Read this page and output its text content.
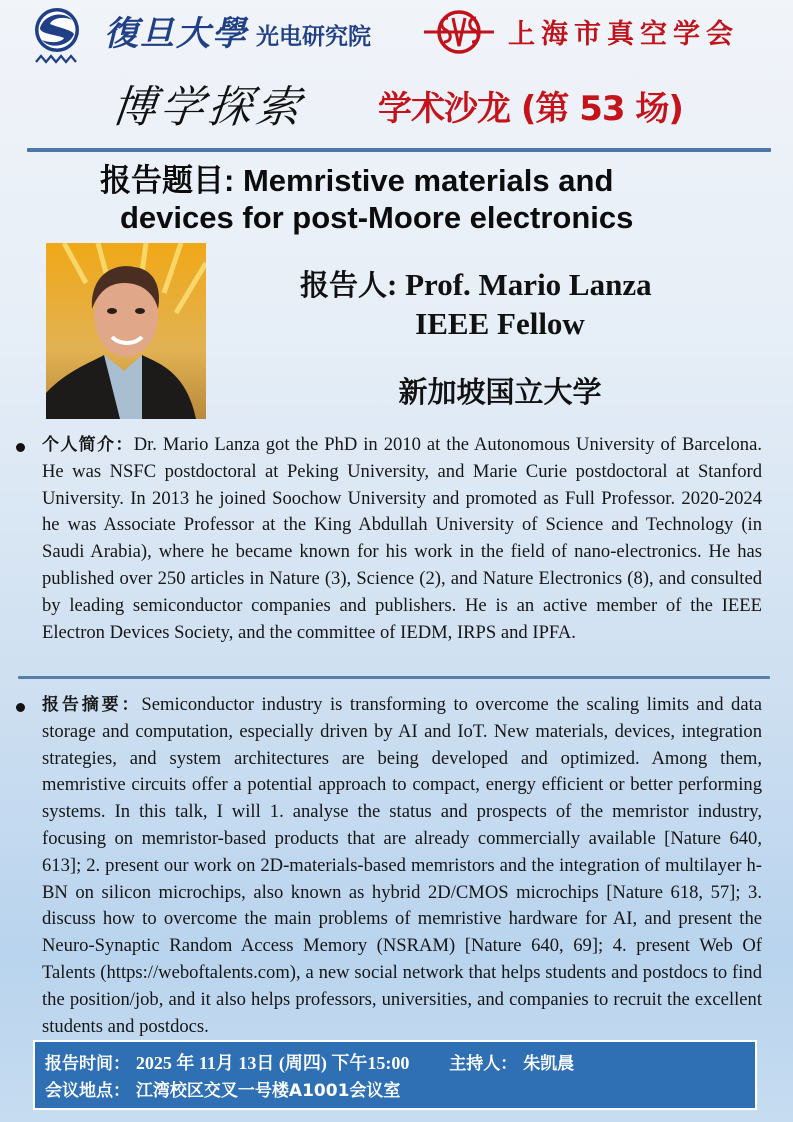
復旦大學 光电研究院	上海市真空学会
博学探索 学术沙龙 (第 53 场)
报告题目: Memristive materials and
devices for post-Moore electronics
报告人: Prof. Mario Lanza
IEEE Fellow
新加坡国立大学
个人简介：Dr. Mario Lanza got the PhD in 2010 at the Autonomous University of Barcelona. He was NSFC postdoctoral at Peking University, and Marie Curie postdoctoral at Stanford University. In 2013 he joined Soochow University and promoted as Full Professor. 2020-2024 he was Associate Professor at the King Abdullah University of Science and Technology (in Saudi Arabia), where he became known for his work in the field of nano-electronics. He has published over 250 articles in Nature (3), Science (2), and Nature Electronics (8), and consulted by leading semiconductor companies and publishers. He is an active member of the IEEE Electron Devices Society, and the committee of IEDM, IRPS and IPFA.
报告摘要：Semiconductor industry is transforming to overcome the scaling limits and data storage and computation, especially driven by AI and IoT. New materials, devices, integration strategies, and system architectures are being developed and optimized. Among them, memristive circuits offer a potential approach to compact, energy efficient or better performing systems. In this talk, I will 1. analyse the status and prospects of the memristor industry, focusing on memristor-based products that are already commercially available [Nature 640, 613]; 2. present our work on 2D-materials-based memristors and the integration of multilayer h-BN on silicon microchips, also known as hybrid 2D/CMOS microchips [Nature 618, 57]; 3. discuss how to overcome the main problems of memristive hardware for AI, and present the Neuro-Synaptic Random Access Memory (NSRAM) [Nature 640, 69]; 4. present Web Of Talents (https://weboftalents.com), a new social network that helps students and postdocs to find the position/job, and it also helps professors, universities, and companies to recruit the excellent students and postdocs.
报告时间： 2025 年 11月 13日 (周四) 下午15:00 主持人： 朱凯晨
会议地点： 江湾校区交叉一号楼A1001会议室
